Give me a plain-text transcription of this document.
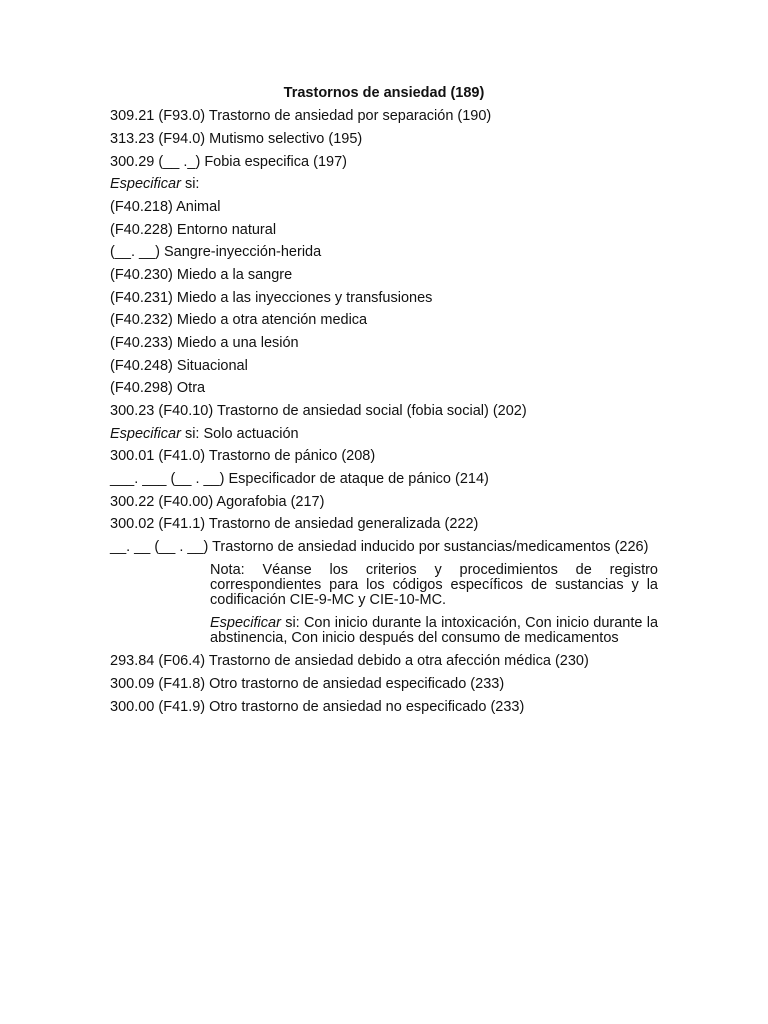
Trastornos de ansiedad (189)
309.21 (F93.0) Trastorno de ansiedad por separación (190)
313.23 (F94.0) Mutismo selectivo (195)
300.29 (__ ._) Fobia especifica (197)
Especificar si:
(F40.218) Animal
(F40.228) Entorno natural
(__. __) Sangre-inyección-herida
(F40.230) Miedo a la sangre
(F40.231) Miedo a las inyecciones y transfusiones
(F40.232) Miedo a otra atención medica
(F40.233) Miedo a una lesión
(F40.248) Situacional
(F40.298) Otra
300.23 (F40.10) Trastorno de ansiedad social (fobia social) (202)
Especificar si: Solo actuación
300.01 (F41.0) Trastorno de pánico (208)
___. ___ (__ . __) Especificador de ataque de pánico (214)
300.22 (F40.00) Agorafobia (217)
300.02 (F41.1) Trastorno de ansiedad generalizada (222)
__. __ (__ . __) Trastorno de ansiedad inducido por sustancias/medicamentos (226)
Nota: Véanse los criterios y procedimientos de registro correspondientes para los códigos específicos de sustancias y la codificación CIE-9-MC y CIE-10-MC.
Especificar si: Con inicio durante la intoxicación, Con inicio durante la abstinencia, Con inicio después del consumo de medicamentos
293.84 (F06.4) Trastorno de ansiedad debido a otra afección médica (230)
300.09 (F41.8) Otro trastorno de ansiedad especificado (233)
300.00 (F41.9) Otro trastorno de ansiedad no especificado (233)
